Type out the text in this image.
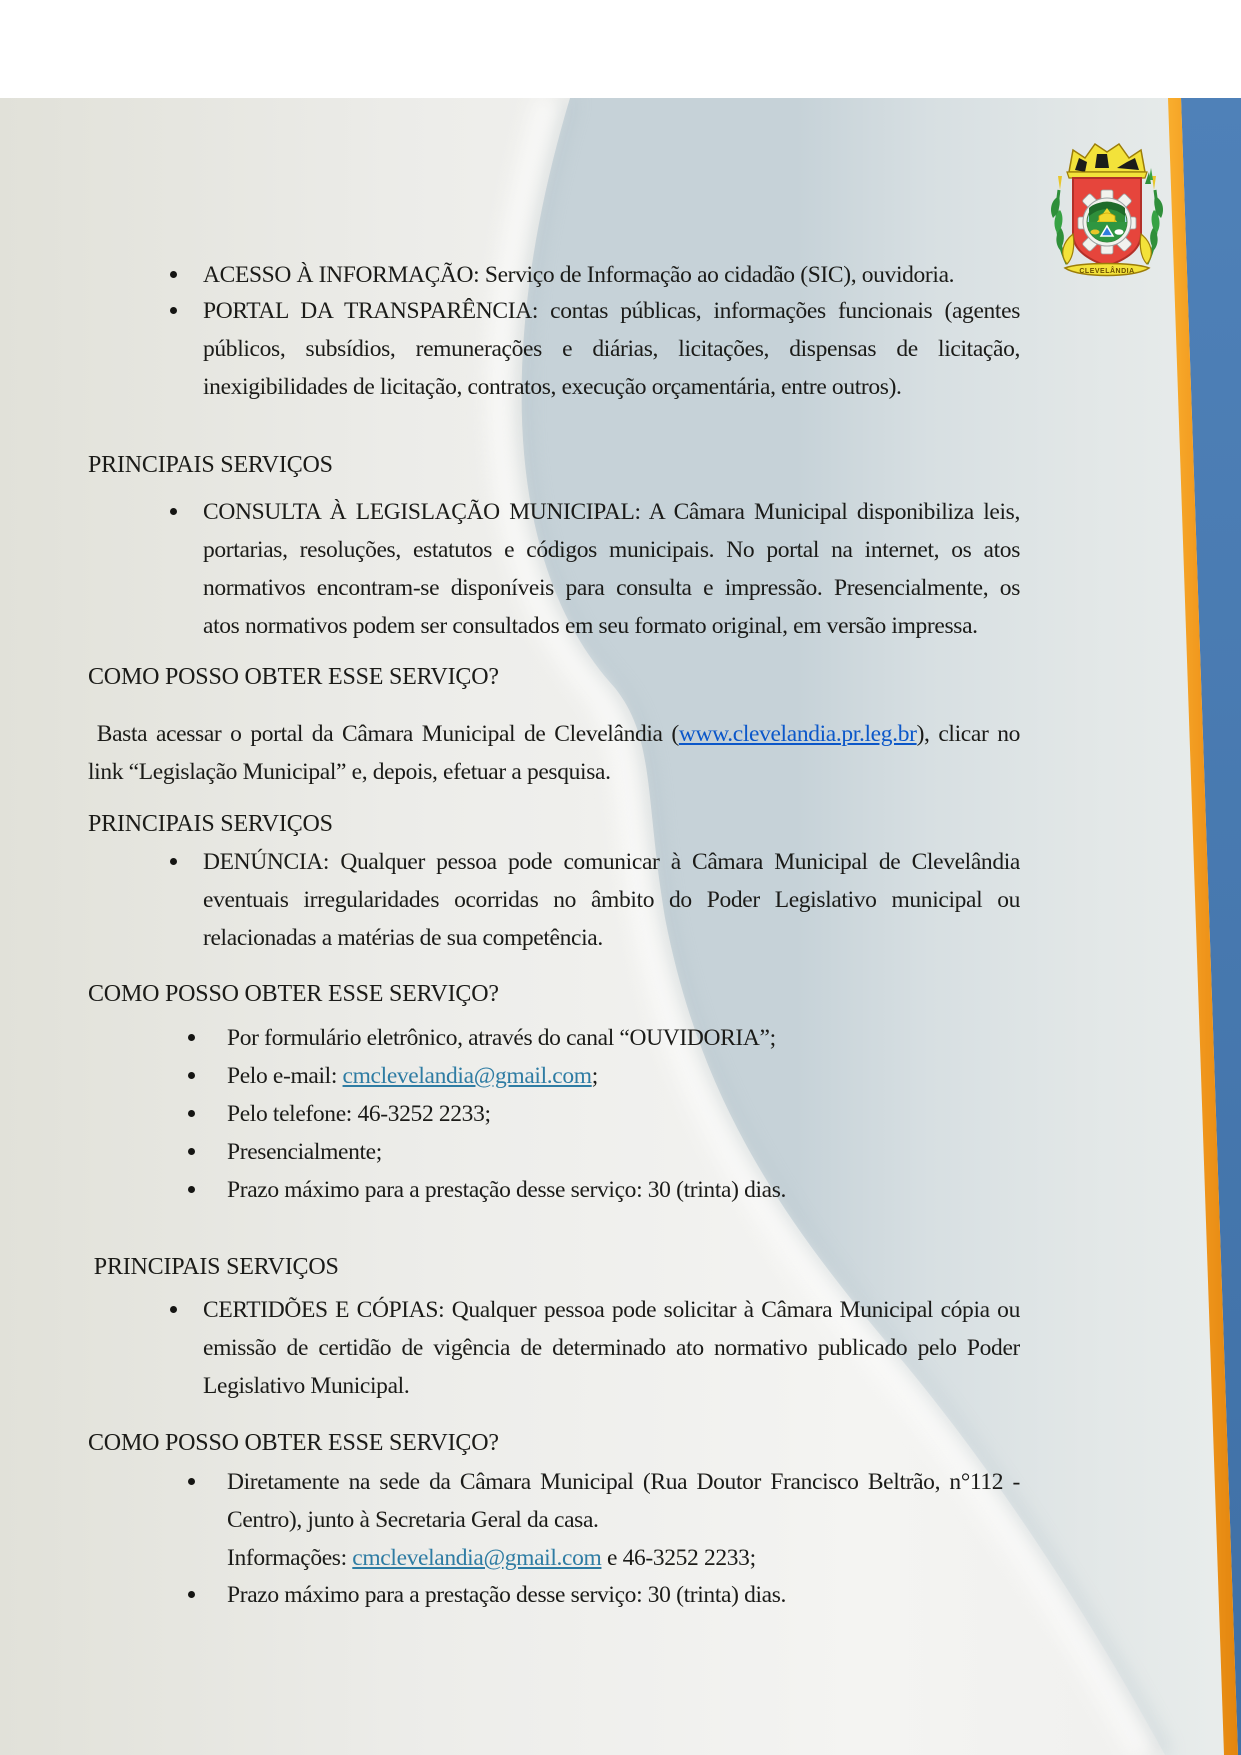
CLEVELÂNDIA
ACESSO À INFORMAÇÃO: Serviço de Informação ao cidadão (SIC), ouvidoria.
PORTAL DA TRANSPARÊNCIA: contas públicas, informações funcionais (agentes
públicos, subsídios, remunerações e diárias, licitações, dispensas de licitação,
inexigibilidades de licitação, contratos, execução orçamentária, entre outros).
PRINCIPAIS SERVIÇOS
CONSULTA À LEGISLAÇÃO MUNICIPAL: A Câmara Municipal disponibiliza leis,
portarias, resoluções, estatutos e códigos municipais. No portal na internet, os atos
normativos encontram-se disponíveis para consulta e impressão. Presencialmente, os
atos normativos podem ser consultados em seu formato original, em versão impressa.
COMO POSSO OBTER ESSE SERVIÇO?
Basta acessar o portal da Câmara Municipal de Clevelândia (www.clevelandia.pr.leg.br), clicar no
link “Legislação Municipal” e, depois, efetuar a pesquisa.
PRINCIPAIS SERVIÇOS
DENÚNCIA: Qualquer pessoa pode comunicar à Câmara Municipal de Clevelândia
eventuais irregularidades ocorridas no âmbito do Poder Legislativo municipal ou
relacionadas a matérias de sua competência.
COMO POSSO OBTER ESSE SERVIÇO?
Por formulário eletrônico, através do canal “OUVIDORIA”;
Pelo e-mail: cmclevelandia@gmail.com;
Pelo telefone: 46-3252 2233;
Presencialmente;
Prazo máximo para a prestação desse serviço: 30 (trinta) dias.
PRINCIPAIS SERVIÇOS
CERTIDÕES E CÓPIAS: Qualquer pessoa pode solicitar à Câmara Municipal cópia ou
emissão de certidão de vigência de determinado ato normativo publicado pelo Poder
Legislativo Municipal.
COMO POSSO OBTER ESSE SERVIÇO?
Diretamente na sede da Câmara Municipal (Rua Doutor Francisco Beltrão, n°112 -
Centro), junto à Secretaria Geral da casa.
Informações: cmclevelandia@gmail.com e 46-3252 2233;
Prazo máximo para a prestação desse serviço: 30 (trinta) dias.
